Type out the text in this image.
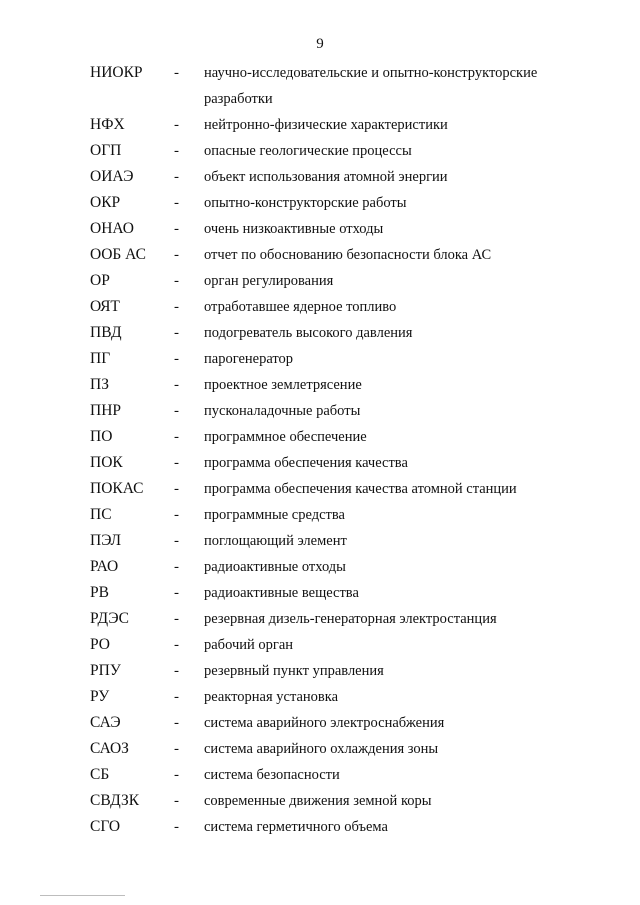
9
НИОКР	- научно-исследовательские и опытно-конструкторские разработки
НФХ	- нейтронно-физические характеристики
ОГП	- опасные геологические процессы
ОИАЭ	- объект использования атомной энергии
ОКР	- опытно-конструкторские работы
ОНАО	- очень низкоактивные отходы
ООБ АС	- отчет по обоснованию безопасности блока АС
ОР	- орган регулирования
ОЯТ	- отработавшее ядерное топливо
ПВД	- подогреватель высокого давления
ПГ	- парогенератор
ПЗ	- проектное землетрясение
ПНР	- пусконаладочные работы
ПО	- программное обеспечение
ПОК	- программа обеспечения качества
ПОКАС	- программа обеспечения качества атомной станции
ПС	- программные средства
ПЭЛ	- поглощающий элемент
РАО	- радиоактивные отходы
РВ	- радиоактивные вещества
РДЭС	- резервная дизель-генераторная электростанция
РО	- рабочий орган
РПУ	- резервный пункт управления
РУ	- реакторная установка
САЭ	- система аварийного электроснабжения
САОЗ	- система аварийного охлаждения зоны
СБ	- система безопасности
СВДЗК	- современные движения земной коры
СГО	- система герметичного объема
